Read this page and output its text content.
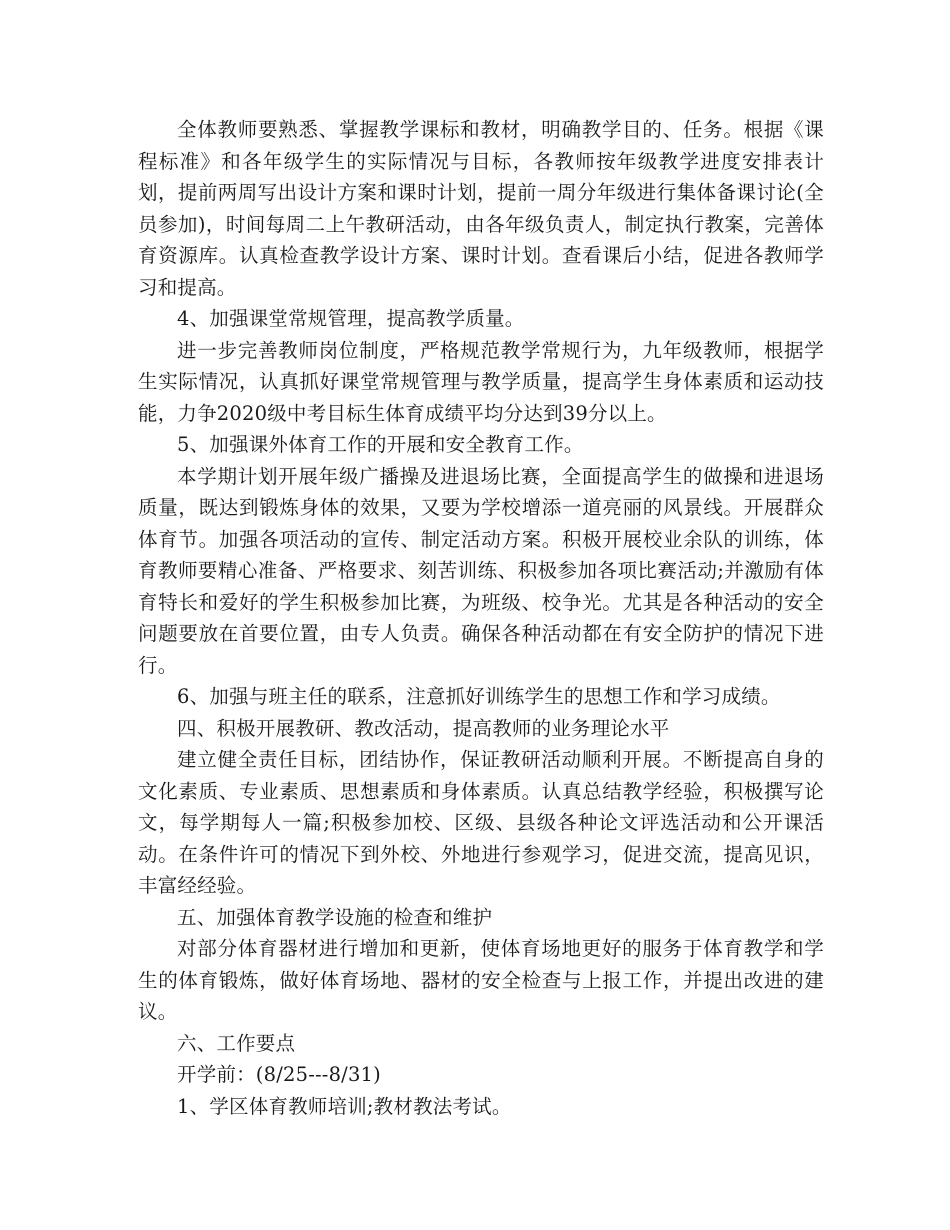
全体教师要熟悉、掌握教学课标和教材，明确教学目的、任务。根据《课程标准》和各年级学生的实际情况与目标，各教师按年级教学进度安排表计划，提前两周写出设计方案和课时计划，提前一周分年级进行集体备课讨论(全员参加)，时间每周二上午教研活动，由各年级负责人，制定执行教案，完善体育资源库。认真检查教学设计方案、课时计划。查看课后小结，促进各教师学习和提高。

4、加强课堂常规管理，提高教学质量。

进一步完善教师岗位制度，严格规范教学常规行为，九年级教师，根据学生实际情况，认真抓好课堂常规管理与教学质量，提高学生身体素质和运动技能，力争2020级中考目标生体育成绩平均分达到39分以上。

5、加强课外体育工作的开展和安全教育工作。

本学期计划开展年级广播操及进退场比赛，全面提高学生的做操和进退场质量，既达到锻炼身体的效果，又要为学校增添一道亮丽的风景线。开展群众体育节。加强各项活动的宣传、制定活动方案。积极开展校业余队的训练，体育教师要精心准备、严格要求、刻苦训练、积极参加各项比赛活动;并激励有体育特长和爱好的学生积极参加比赛，为班级、校争光。尤其是各种活动的安全问题要放在首要位置，由专人负责。确保各种活动都在有安全防护的情况下进行。

6、加强与班主任的联系，注意抓好训练学生的思想工作和学习成绩。

四、积极开展教研、教改活动，提高教师的业务理论水平

建立健全责任目标，团结协作，保证教研活动顺利开展。不断提高自身的文化素质、专业素质、思想素质和身体素质。认真总结教学经验，积极撰写论文，每学期每人一篇;积极参加校、区级、县级各种论文评选活动和公开课活动。在条件许可的情况下到外校、外地进行参观学习，促进交流，提高见识，丰富经经验。

五、加强体育教学设施的检查和维护

对部分体育器材进行增加和更新，使体育场地更好的服务于体育教学和学生的体育锻炼，做好体育场地、器材的安全检查与上报工作，并提出改进的建议。

六、工作要点

开学前：(8/25---8/31)

1、学区体育教师培训;教材教法考试。
